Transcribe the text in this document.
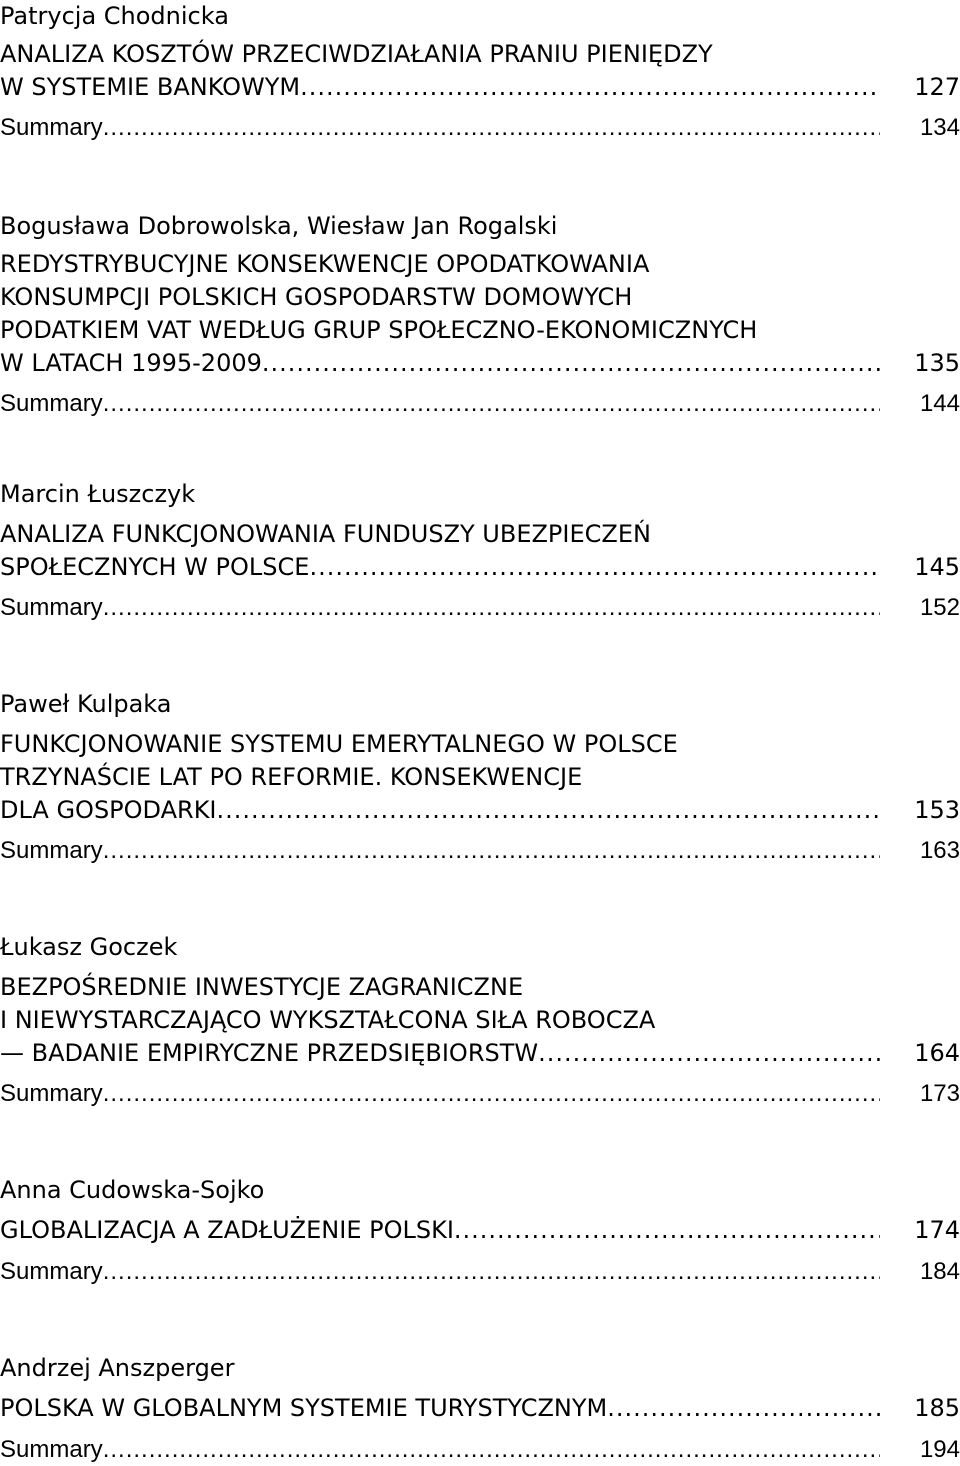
Patrycja Chodnicka
ANALIZA KOSZTÓW PRZECIWDZIAŁANIA PRANIU PIENIĘDZY
W SYSTEMIE BANKOWYM .....	127
Summary .....	134
Bogusława Dobrowolska, Wiesław Jan Rogalski
REDYSTRYBUCYJNE KONSEKWENCJE OPODATKOWANIA
KONSUMPCJI POLSKICH GOSPODARSTW DOMOWYCH
PODATKIEM VAT WEDŁUG GRUP SPOŁECZNO-EKONOMICZNYCH
W LATACH 1995-2009 .....	135
Summary .....	144
Marcin Łuszczyk
ANALIZA FUNKCJONOWANIA FUNDUSZY UBEZPIECZEŃ
SPOŁECZNYCH W POLSCE .....	145
Summary .....	152
Paweł Kulpaka
FUNKCJONOWANIE SYSTEMU EMERYTALNEGO W POLSCE
TRZYNAŚCIE LAT PO REFORMIE. KONSEKWENCJE
DLA GOSPODARKI .....	153
Summary .....	163
Łukasz Goczek
BEZPOŚREDNIE INWESTYCJE ZAGRANICZNE
I NIEWYSTARCZAJĄCO WYKSZTAŁCONA SIŁA ROBOCZA
— BADANIE EMPIRYCZNE PRZEDSIĘBIORSTW .....	164
Summary .....	173
Anna Cudowska-Sojko
GLOBALIZACJA A ZADŁUŻENIE POLSKI .....	174
Summary .....	184
Andrzej Anszperger
POLSKA W GLOBALNYM SYSTEMIE TURYSTYCZNYM .....	185
Summary .....	194
